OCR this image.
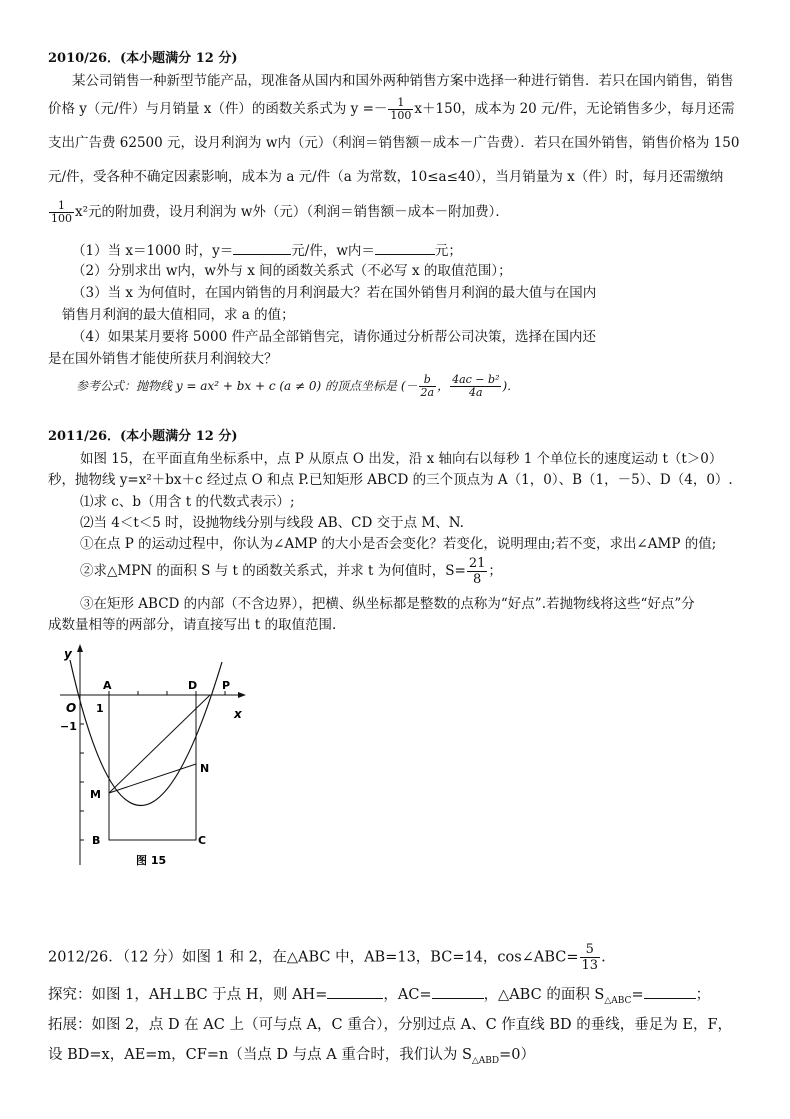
2010/26．(本小题满分 12 分)
某公司销售一种新型节能产品，现准备从国内和国外两种销售方案中选择一种进行销售．若只在国内销售，销售
价格 y（元/件）与月销量 x（件）的函数关系式为 $y =- \frac{1}{100} x+150$，成本为 20 元/件，无论销售多少，每月还需
支出广告费 62500 元，设月利润为 w内（元）（利润＝销售额－成本－广告费）．若只在国外销售，销售价格为 150
元/件，受各种不确定因素影响，成本为 a 元/件（a 为常数，10≤a≤40），当月销量为 x（件）时，每月还需缴纳
$\frac{1}{100} x^2$元的附加费，设月利润为 w外（元）（利润＝销售额－成本－附加费）．
（1）当 x＝1000 时，y＝	元/件，w内＝	元；
（2）分别求出 w内，w外与 x 间的函数关系式（不必写 x 的取值范围）；
（3）当 x 为何值时，在国内销售的月利润最大？若在国外销售月利润的最大值与在国内
销售月利润的最大值相同，求 a 的值；
（4）如果某月要将 5000 件产品全部销售完，请你通过分析帮公司决策，选择在国内还
是在国外销售才能使所获月利润较大？
参考公式：抛物线 y = ax² + bx + c (a ≠ 0) 的顶点坐标是 (－ $\frac{b}{2a}$ ， $\frac{\text{4ac − b²}}{4a}$ )．
2011/26．(本小题满分 12 分)
如图 15，在平面直角坐标系中，点 P 从原点 O 出发，沿 x 轴向右以每秒 1 个单位长的速度运动 t（t＞0）
秒，抛物线 y=x²＋bx＋c 经过点 O 和点 P.已知矩形 ABCD 的三个顶点为 A（1，0）、B（1，－5）、D（4，0）.
⑴求 c、b（用含 t 的代数式表示）;
⑵当 4＜t＜5 时，设抛物线分别与线段 AB、CD 交于点 M、N.
①在点 P 的运动过程中，你认为∠AMP 的大小是否会变化？若变化，说明理由;若不变，求出∠AMP 的值;
②求△MPN 的面积 S 与 t 的函数关系式，并求 t 为何值时，$S= \frac{21}{8}$ ；
③在矩形 ABCD 的内部（不含边界），把横、纵坐标都是整数的点称为“好点”.若抛物线将这些“好点”分
成数量相等的两部分，请直接写出 t 的取值范围.
y
x
O 1
−1
A	D P
N
M
B	C
图 15
2012/26．（12 分）如图 1 和 2，在△ABC 中，AB=13，BC=14，cos∠ABC= $\frac{5}{13}$ .
探究：如图 1，AH⊥BC 于点 H，则 AH=	，AC=	，△ABC 的面积 $S_{\triangle ABC}=$	；
拓展：如图 2，点 D 在 AC 上（可与点 A，C 重合），分别过点 A、C 作直线 BD 的垂线，垂足为 E，F，
设 BD=x，AE=m，CF=n（当点 D 与点 A 重合时，我们认为 $S_{\triangle ABD}=0$）
